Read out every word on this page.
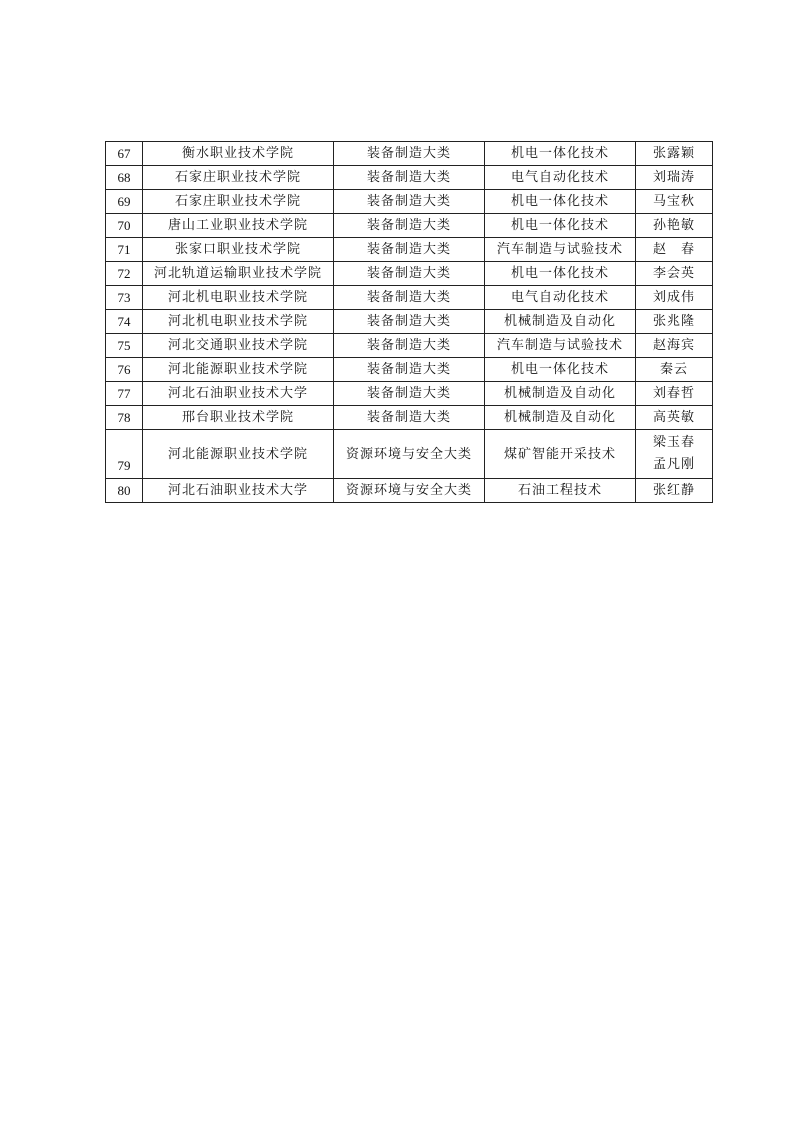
67	衡水职业技术学院	装备制造大类	机电一体化技术	张露颖
68	石家庄职业技术学院	装备制造大类	电气自动化技术	刘瑞涛
69	石家庄职业技术学院	装备制造大类	机电一体化技术	马宝秋
70	唐山工业职业技术学院	装备制造大类	机电一体化技术	孙艳敏
71	张家口职业技术学院	装备制造大类	汽车制造与试验技术	赵　春
72	河北轨道运输职业技术学院	装备制造大类	机电一体化技术	李会英
73	河北机电职业技术学院	装备制造大类	电气自动化技术	刘成伟
74	河北机电职业技术学院	装备制造大类	机械制造及自动化	张兆隆
75	河北交通职业技术学院	装备制造大类	汽车制造与试验技术	赵海宾
76	河北能源职业技术学院	装备制造大类	机电一体化技术	秦云
77	河北石油职业技术大学	装备制造大类	机械制造及自动化	刘春哲
78	邢台职业技术学院	装备制造大类	机械制造及自动化	高英敏
79	河北能源职业技术学院	资源环境与安全大类	煤矿智能开采技术	梁玉春
孟凡刚

80	河北石油职业技术大学	资源环境与安全大类	石油工程技术	张红静
